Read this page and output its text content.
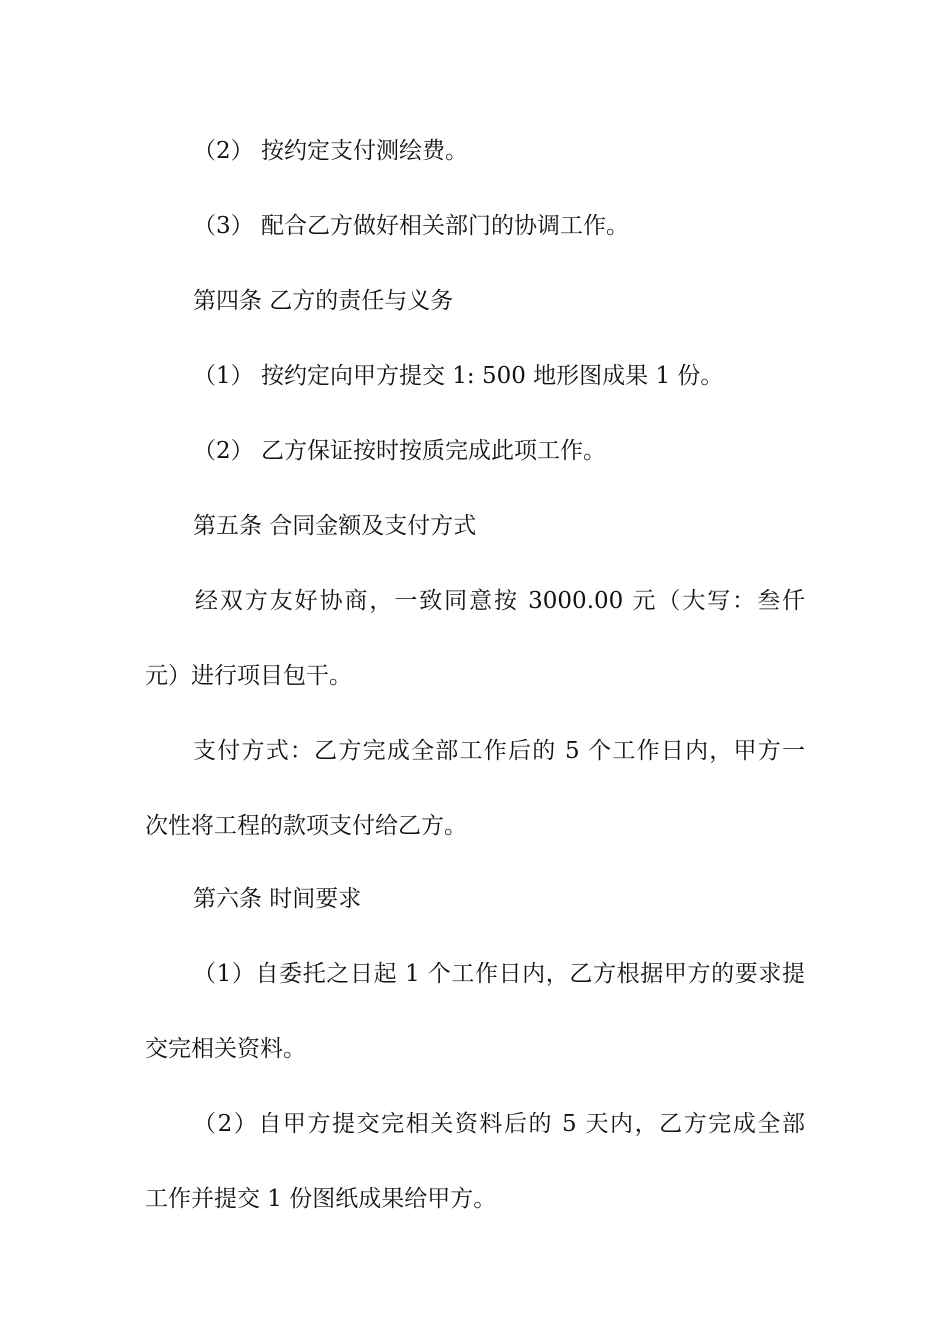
（2） 按约定支付测绘费。
（3） 配合乙方做好相关部门的协调工作。
第四条 乙方的责任与义务
（1） 按约定向甲方提交 1: 500 地形图成果 1 份。
（2） 乙方保证按时按质完成此项工作。
第五条 合同金额及支付方式
经双方友好协商，一致同意按 3000.00 元（大写：叁仟
元）进行项目包干。
支付方式：乙方完成全部工作后的 5 个工作日内，甲方一
次性将工程的款项支付给乙方。
第六条 时间要求
（1）自委托之日起 1 个工作日内，乙方根据甲方的要求提
交完相关资料。
（2）自甲方提交完相关资料后的 5 天内，乙方完成全部
工作并提交 1 份图纸成果给甲方。
